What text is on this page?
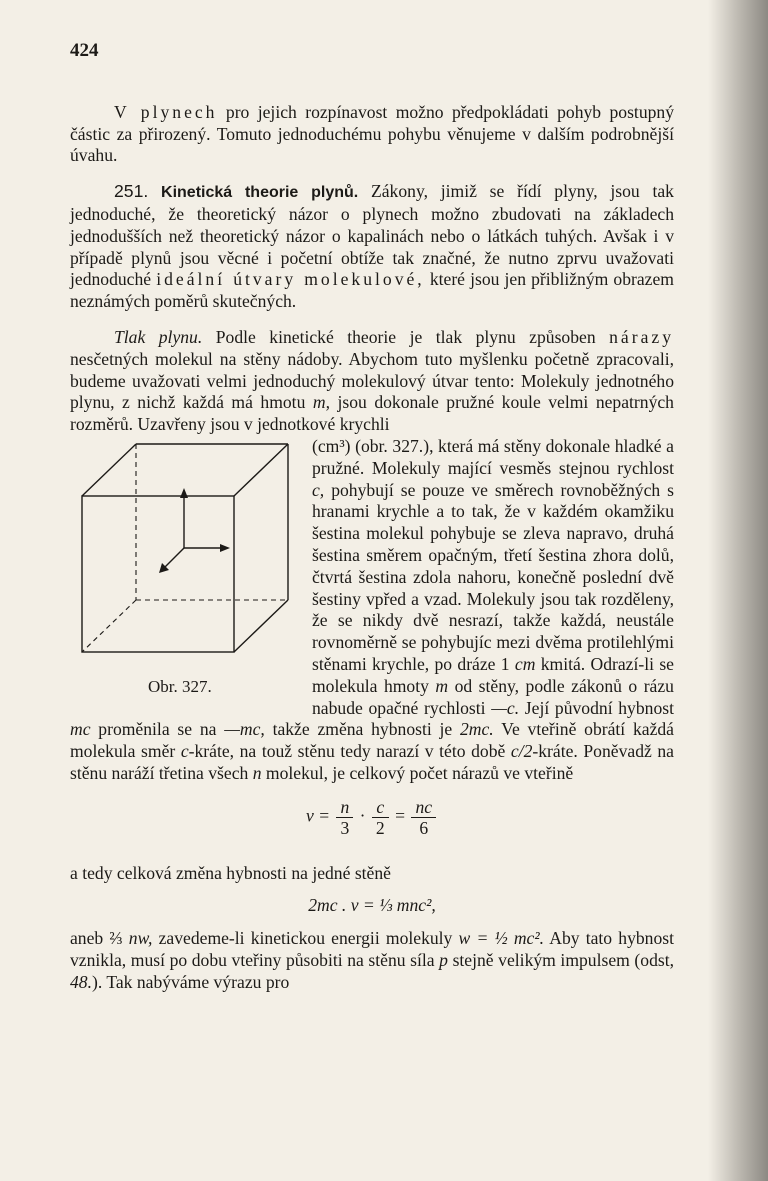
424

V plynech pro jejich rozpínavost možno předpokládati pohyb postupný částic za přirozený. Tomuto jednoduchému pohybu věnujeme v dalším podrobnější úvahu.

251. Kinetická theorie plynů. Zákony, jimiž se řídí plyny, jsou tak jednoduché, že theoretický názor o plynech možno zbudovati na základech jednodušších než theoretický názor o kapalinách nebo o látkách tuhých. Avšak i v případě plynů jsou věcné i početní obtíže tak značné, že nutno zprvu uvažovati jednoduché ideální útvary molekulové, které jsou jen přibližným obrazem neznámých poměrů skutečných.

Tlak plynu. Podle kinetické theorie je tlak plynu způsoben nárazy nesčetných molekul na stěny nádoby. Abychom tuto myšlenku početně zpracovali, budeme uvažovati velmi jednoduchý molekulový útvar tento: Molekuly jednotného plynu, z nichž každá má hmotu m, jsou dokonale pružné koule velmi nepatrných rozměrů. Uzavřeny jsou v jednotkové krychli

Obr. 327.

(cm³) (obr. 327.), která má stěny dokonale hladké a pružné. Molekuly mající vesměs stejnou rychlost c, pohybují se pouze ve směrech rovnoběžných s hranami krychle a to tak, že v každém okamžiku šestina molekul pohybuje se zleva napravo, druhá šestina směrem opačným, třetí šestina zhora dolů, čtvrtá šestina zdola nahoru, konečně poslední dvě šestiny vpřed a vzad. Molekuly jsou tak rozděleny, že se nikdy dvě nesrazí, takže každá, neustále rovnoměrně se pohybujíc mezi dvěma protilehlými stěnami krychle, po dráze 1 cm kmitá. Odrazí-li se molekula hmoty m od stěny, podle zákonů o rázu nabude opačné rychlosti —c. Její původní hybnost mc proměnila se na —mc, takže změna hybnosti je 2mc. Ve vteřině obrátí každá molekula směr c-kráte, na touž stěnu tedy narazí v této době c/2-kráte. Poněvadž na stěnu naráží třetina všech n molekul, je celkový počet nárazů ve vteřině

$\nu = \frac{n}{3} \cdot \frac{c}{2} = \frac{nc}{6}$

a tedy celková změna hybnosti na jedné stěně

2mc . ν = ⅓ mnc²,

aneb ⅔ nw, zavedeme-li kinetickou energii molekuly w = ½ mc². Aby tato hybnost vznikla, musí po dobu vteřiny působiti na stěnu síla p stejně velikým impulsem (odst, 48.). Tak nabýváme výrazu pro
